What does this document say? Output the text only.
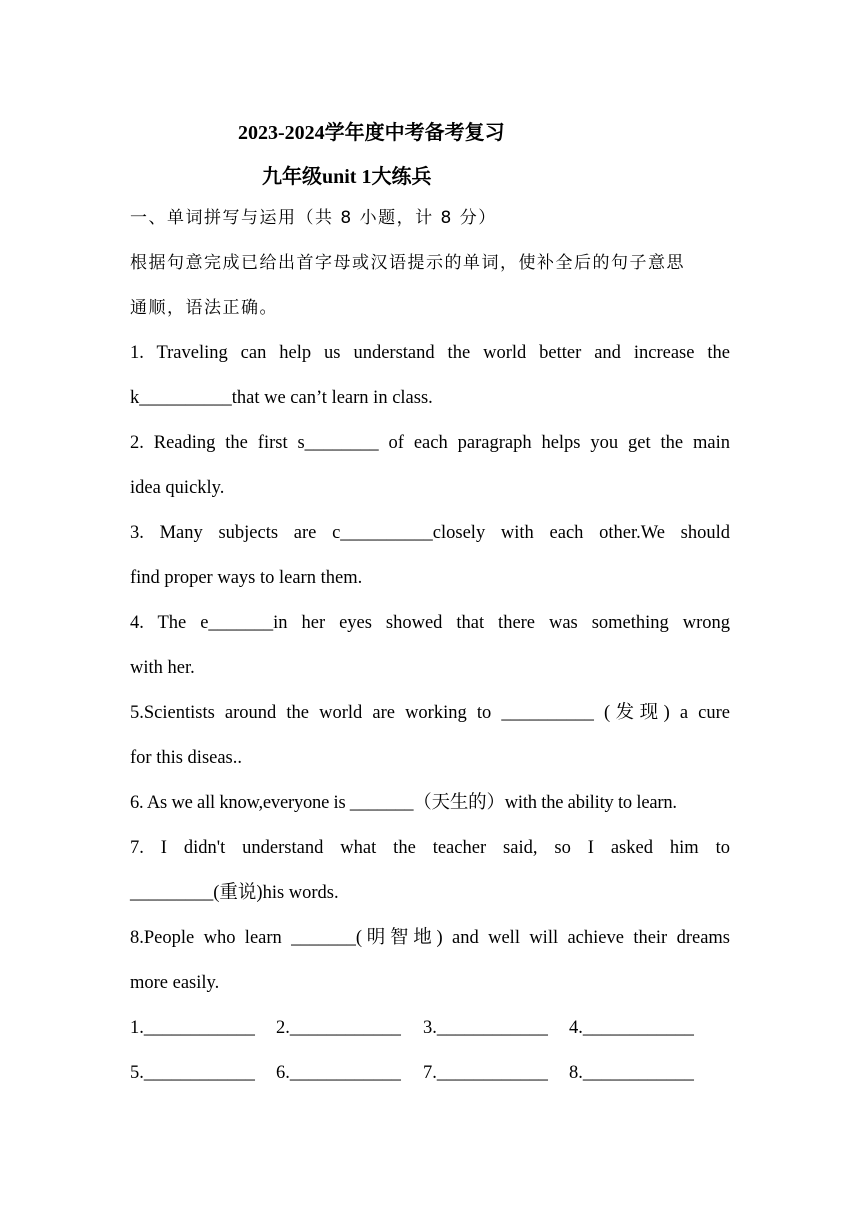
2023-2024学年度中考备考复习
九年级unit 1大练兵
一、单词拼写与运用（共 8 小题，计 8 分）
根据句意完成已给出首字母或汉语提示的单词，使补全后的句子意思
通顺，语法正确。
1. Traveling can help us understand the world better and increase the
k__________that we can’t learn in class.
2. Reading the first s________ of each paragraph helps you get the main
idea quickly.
3. Many subjects are c__________closely with each other.We should
find proper ways to learn them.
4. The e_______in her eyes showed that there was something wrong
with her.
5.Scientists around the world are working to __________ (发现) a cure
for this diseas..
6. As we all know,everyone is _______（天生的）with the ability to learn.
7. I didn't understand what the teacher said, so I asked him to
_________(重说)his words.
8.People who learn _______(明智地) and well will achieve their dreams
more easily.
1.____________ 2.____________ 3.____________ 4.____________
5.____________ 6.____________ 7.____________ 8.____________
